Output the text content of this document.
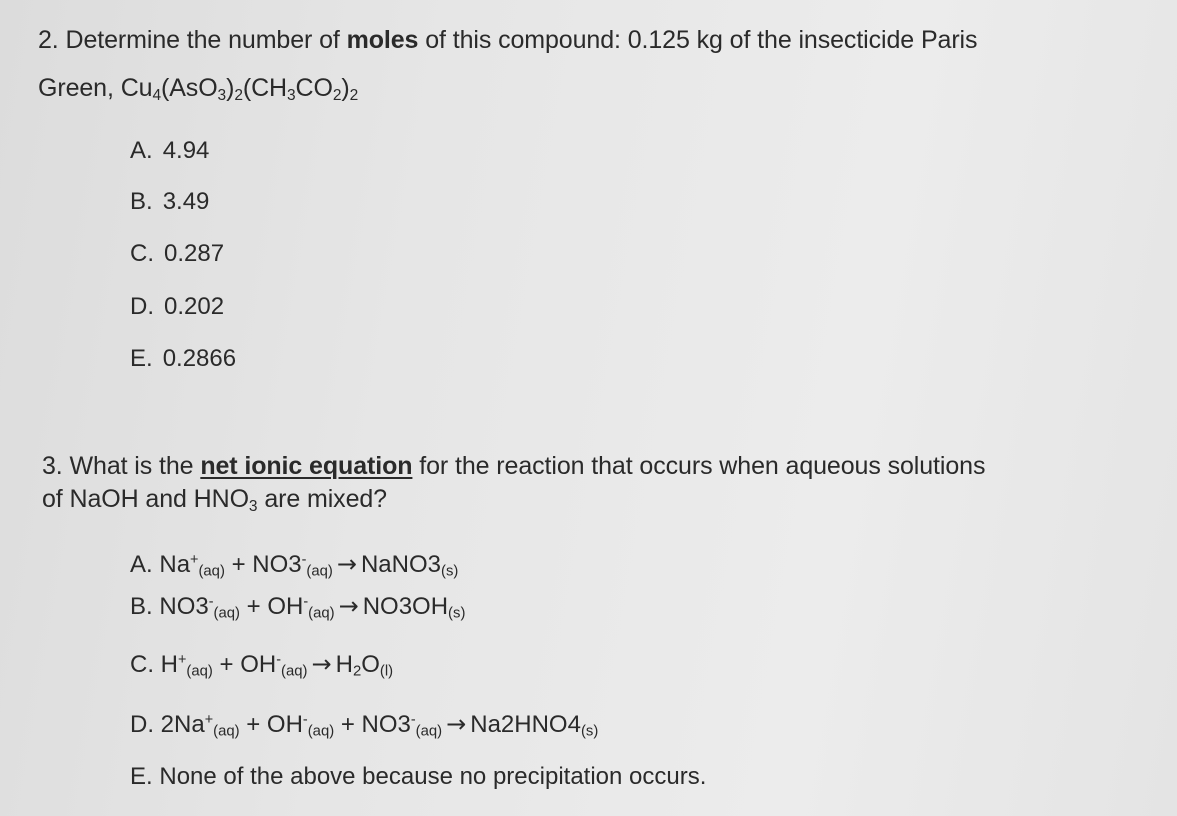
2. Determine the number of moles of this compound: 0.125 kg of the insecticide Paris
Green, $Cu_4(AsO_3)_2(CH_3CO_2)_2$
A. 4.94
B. 3.49
C. 0.287
D. 0.202
E. 0.2866
3. What is the net ionic equation for the reaction that occurs when aqueous solutions
of NaOH and $HNO_3$ are mixed?
A. $Na^+_{(aq)} + NO3^-_{(aq)}$ → $NaNO3_{(s)}$
B. $NO3^-_{(aq)} + OH^-_{(aq)} \to NO3OH_{(s)}$
C. $H^+_{(aq)} + OH^-_{(aq)} \to H_2O_{(l)}$
D. $2Na^+_{(aq)} + OH^-_{(aq)} + NO3^-_{(aq)} \to Na2HNO4_{(s)}$
E. None of the above because no precipitation occurs.
